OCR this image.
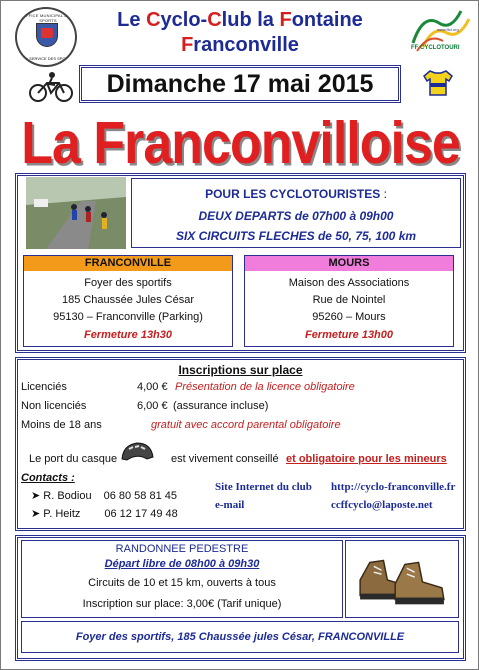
OFFICE MUNICIPAL DES SPORTS
et le SERVICE DES SPORTS
Le Cyclo-Club la Fontaine
Franconville
www.ffct.org
FF CYCLOTOURI
Dimanche 17 mai 2015
La Franconvilloise
POUR LES CYCLOTOURISTES :
DEUX DEPARTS de 07h00 à 09h00
SIX CIRCUITS FLECHES de 50, 75, 100 km
FRANCONVILLE
Foyer des sportifs
185 Chaussée Jules César
95130 – Franconville (Parking)
Fermeture 13h30
MOURS
Maison des Associations
Rue de Nointel
95260 – Mours
Fermeture 13h00
Inscriptions sur place
Licenciés	4,00 € Présentation de la licence obligatoire
Non licenciés	6,00 € (assurance incluse)
Moins de 18 ans	gratuit avec accord parental obligatoire
Le port du casque	est vivement conseillé et obligatoire pour les mineurs
Contacts :
➤ R. Bodiou 06 80 58 81 45
➤ P. Heitz 06 12 17 49 48
Site Internet du club http://cyclo-franconville.fr
e-mail	ccffcyclo@laposte.net
RANDONNEE PEDESTRE
Départ libre de 08h00 à 09h30
Circuits de 10 et 15 km, ouverts à tous
Inscription sur place: 3,00€ (Tarif unique)
Foyer des sportifs, 185 Chaussée jules César, FRANCONVILLE
